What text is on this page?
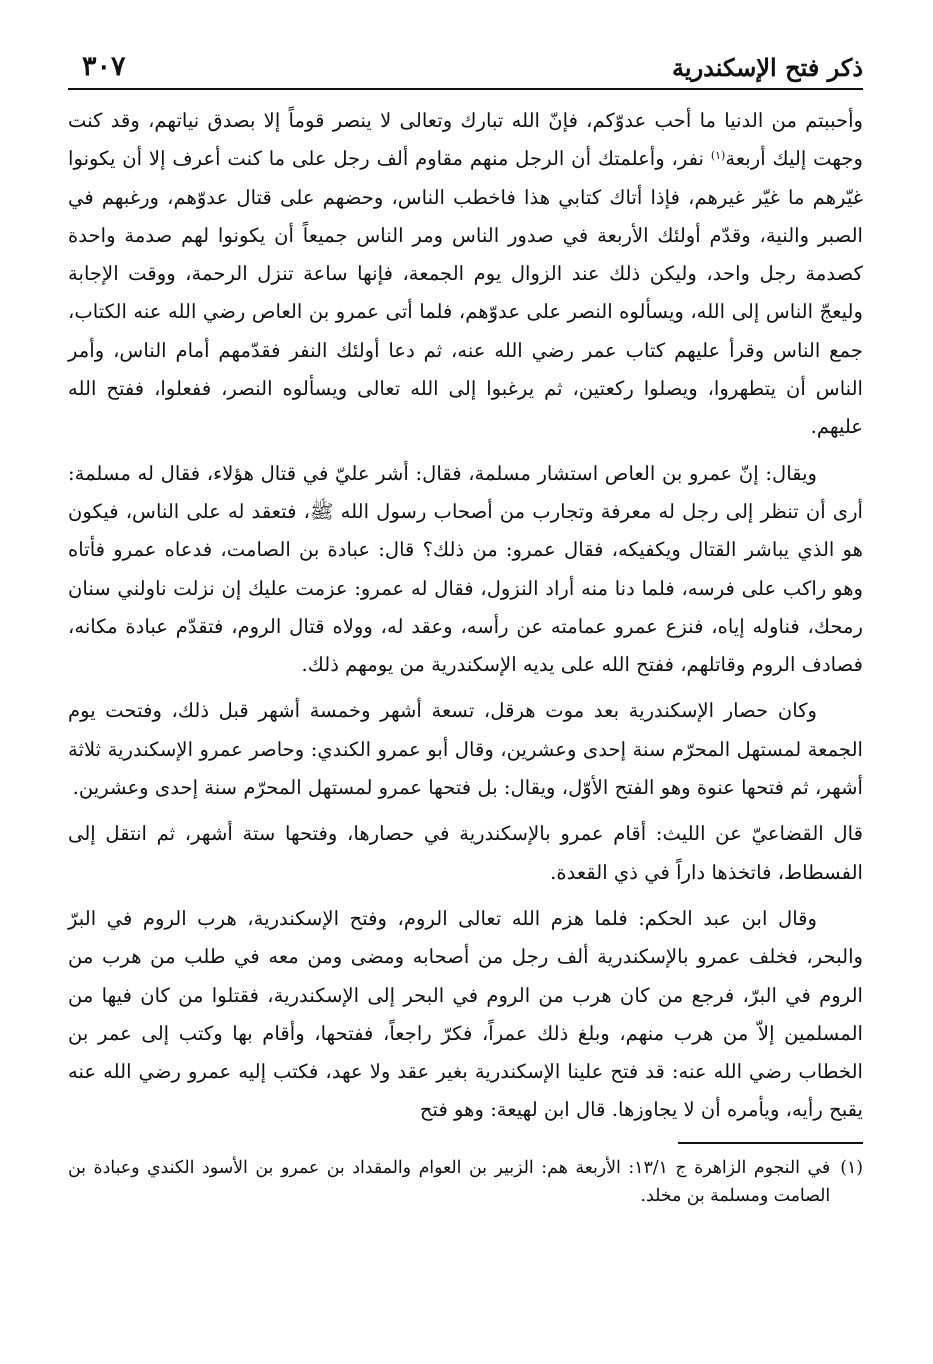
ذكر فتح الإسكندرية
٣٠٧

وأحببتم من الدنيا ما أحب عدوّكم، فإنّ الله تبارك وتعالى لا ينصر قوماً إلا بصدق نياتهم، وقد كنت وجهت إليك أربعة$^{(١)}$ نفر، وأعلمتك أن الرجل منهم مقاوم ألف رجل على ما كنت أعرف إلا أن يكونوا غيّرهم ما غيّر غيرهم، فإذا أتاك كتابي هذا فاخطب الناس، وحضهم على قتال عدوّهم، ورغبهم في الصبر والنية، وقدّم أولئك الأربعة في صدور الناس ومر الناس جميعاً أن يكونوا لهم صدمة واحدة كصدمة رجل واحد، وليكن ذلك عند الزوال يوم الجمعة، فإنها ساعة تنزل الرحمة، ووقت الإجابة وليعجّ الناس إلى الله، ويسألوه النصر على عدوّهم، فلما أتى عمرو بن العاص رضي الله عنه الكتاب، جمع الناس وقرأ عليهم كتاب عمر رضي الله عنه، ثم دعا أولئك النفر فقدّمهم أمام الناس، وأمر الناس أن يتطهروا، ويصلوا ركعتين، ثم يرغبوا إلى الله تعالى ويسألوه النصر، ففعلوا، ففتح الله عليهم.

ويقال: إنّ عمرو بن العاص استشار مسلمة، فقال: أشر عليّ في قتال هؤلاء، فقال له مسلمة: أرى أن تنظر إلى رجل له معرفة وتجارب من أصحاب رسول الله ﷺ، فتعقد له على الناس، فيكون هو الذي يباشر القتال ويكفيكه، فقال عمرو: من ذلك؟ قال: عبادة بن الصامت، فدعاه عمرو فأتاه وهو راكب على فرسه، فلما دنا منه أراد النزول، فقال له عمرو: عزمت عليك إن نزلت ناولني سنان رمحك، فناوله إياه، فنزع عمرو عمامته عن رأسه، وعقد له، وولاه قتال الروم، فتقدّم عبادة مكانه، فصادف الروم وقاتلهم، ففتح الله على يديه الإسكندرية من يومهم ذلك.

وكان حصار الإسكندرية بعد موت هرقل، تسعة أشهر وخمسة أشهر قبل ذلك، وفتحت يوم الجمعة لمستهل المحرّم سنة إحدى وعشرين، وقال أبو عمرو الكندي: وحاصر عمرو الإسكندرية ثلاثة أشهر، ثم فتحها عنوة وهو الفتح الأوّل، ويقال: بل فتحها عمرو لمستهل المحرّم سنة إحدى وعشرين.

قال القضاعيّ عن الليث: أقام عمرو بالإسكندرية في حصارها، وفتحها ستة أشهر، ثم انتقل إلى الفسطاط، فاتخذها داراً في ذي القعدة.

وقال ابن عبد الحكم: فلما هزم الله تعالى الروم، وفتح الإسكندرية، هرب الروم في البرّ والبحر، فخلف عمرو بالإسكندرية ألف رجل من أصحابه ومضى ومن معه في طلب من هرب من الروم في البرّ، فرجع من كان هرب من الروم في البحر إلى الإسكندرية، فقتلوا من كان فيها من المسلمين إلاّ من هرب منهم، وبلغ ذلك عمراً، فكرّ راجعاً، ففتحها، وأقام بها وكتب إلى عمر بن الخطاب رضي الله عنه: قد فتح علينا الإسكندرية بغير عقد ولا عهد، فكتب إليه عمرو رضي الله عنه يقبح رأيه، ويأمره أن لا يجاوزها. قال ابن لهيعة: وهو فتح

(١)
في النجوم الزاهرة ج ١٣/١: الأربعة هم: الزبير بن العوام والمقداد بن عمرو بن الأسود الكندي وعبادة بن الصامت ومسلمة بن مخلد.
